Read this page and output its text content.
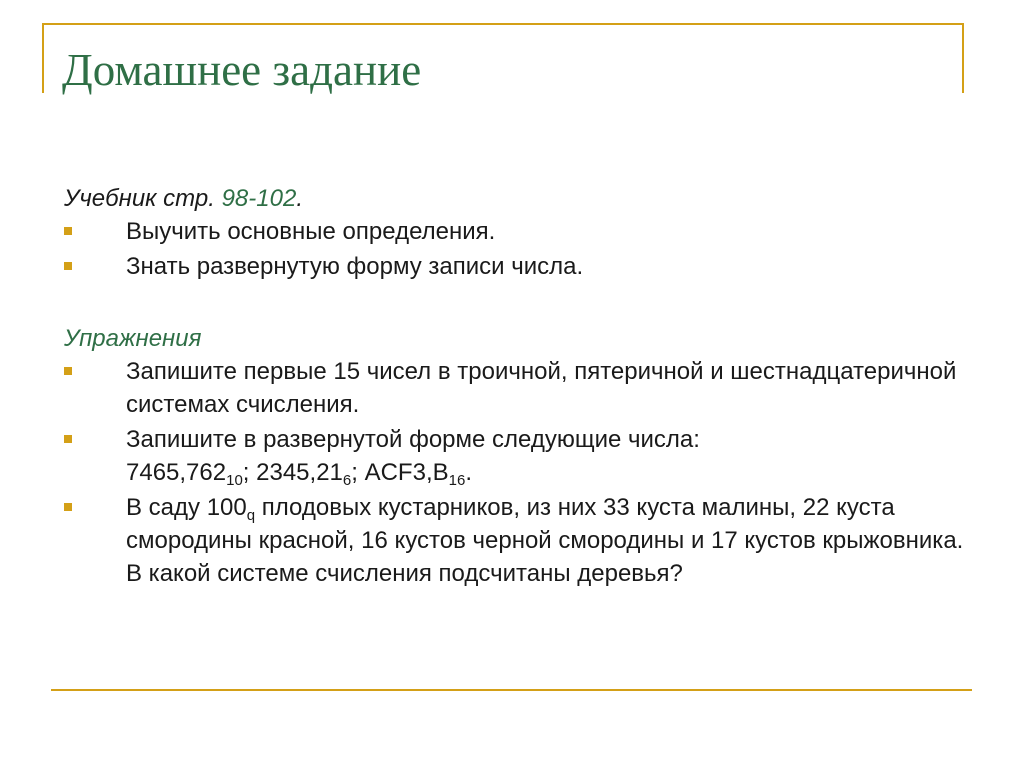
Домашнее задание

Учебник стр. 98-102.

Выучить основные определения.
Знать развернутую форму записи числа.

Упражнения

Запишите первые 15 чисел в троичной, пятеричной и шестнадцатеричной системах счисления.
Запишите в развернутой форме следующие числа:
$7465,762_{10}$; $2345,21_6$; $ACF3,B_{16}$.
В саду $100_q$ плодовых кустарников, из них 33 куста малины, 22 куста смородины красной, 16 кустов черной смородины и 17 кустов крыжовника. В какой системе счисления подсчитаны деревья?
